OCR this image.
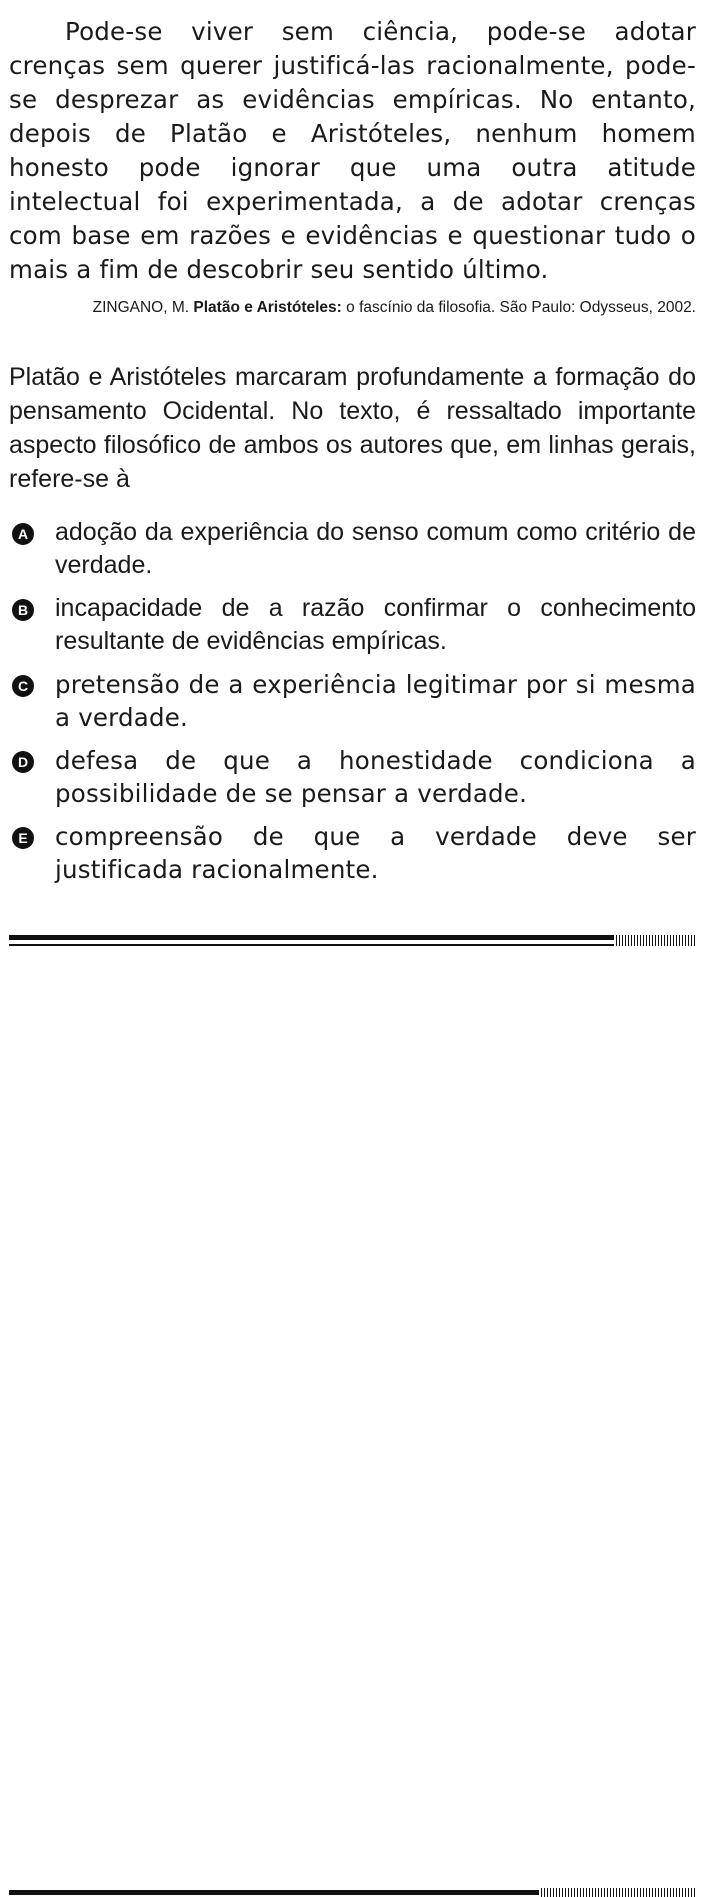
Pode-se viver sem ciência, pode-se adotar crenças sem querer justificá-las racionalmente, pode-se desprezar as evidências empíricas. No entanto, depois de Platão e Aristóteles, nenhum homem honesto pode ignorar que uma outra atitude intelectual foi experimentada, a de adotar crenças com base em razões e evidências e questionar tudo o mais a fim de descobrir seu sentido último.
ZINGANO, M. Platão e Aristóteles: o fascínio da filosofia. São Paulo: Odysseus, 2002.
Platão e Aristóteles marcaram profundamente a formação do pensamento Ocidental. No texto, é ressaltado importante aspecto filosófico de ambos os autores que, em linhas gerais, refere-se à
A adoção da experiência do senso comum como critério de verdade.
B incapacidade de a razão confirmar o conhecimento resultante de evidências empíricas.
C pretensão de a experiência legitimar por si mesma a verdade.
D defesa de que a honestidade condiciona a possibilidade de se pensar a verdade.
E compreensão de que a verdade deve ser justificada racionalmente.
